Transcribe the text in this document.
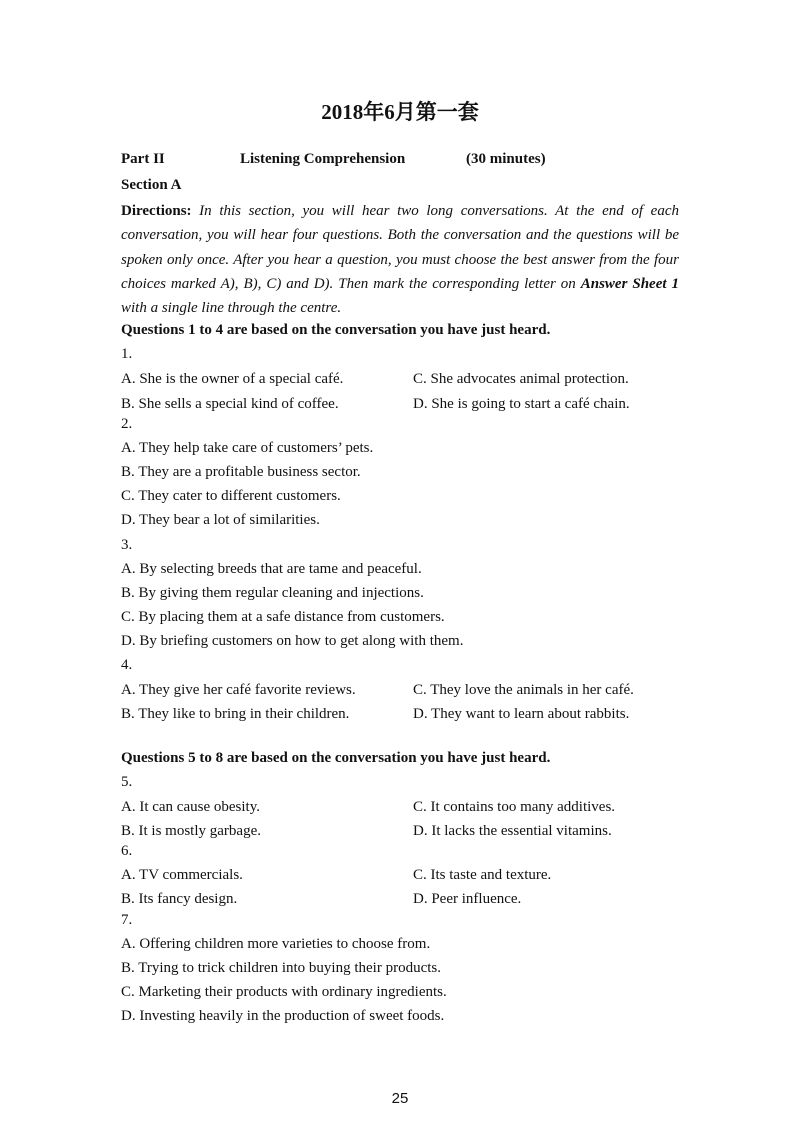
2018年6月第一套
Part II	Listening Comprehension	(30 minutes)
Section A
Directions: In this section, you will hear two long conversations. At the end of each conversation, you will hear four questions. Both the conversation and the questions will be spoken only once. After you hear a question, you must choose the best answer from the four choices marked A), B), C) and D). Then mark the corresponding letter on Answer Sheet 1 with a single line through the centre.
Questions 1 to 4 are based on the conversation you have just heard.
1.
A. She is the owner of a special café.	C. She advocates animal protection.
B. She sells a special kind of coffee.	D. She is going to start a café chain.
2.
A. They help take care of customers’ pets.
B. They are a profitable business sector.
C. They cater to different customers.
D. They bear a lot of similarities.
3.
A. By selecting breeds that are tame and peaceful.
B. By giving them regular cleaning and injections.
C. By placing them at a safe distance from customers.
D. By briefing customers on how to get along with them.
4.
A. They give her café favorite reviews.	C. They love the animals in her café.
B. They like to bring in their children.	D. They want to learn about rabbits.
Questions 5 to 8 are based on the conversation you have just heard.
5.
A. It can cause obesity.	C. It contains too many additives.
B. It is mostly garbage.	D. It lacks the essential vitamins.
6.
A. TV commercials.	C. Its taste and texture.
B. Its fancy design.	D. Peer influence.
7.
A. Offering children more varieties to choose from.
B. Trying to trick children into buying their products.
C. Marketing their products with ordinary ingredients.
D. Investing heavily in the production of sweet foods.
25
